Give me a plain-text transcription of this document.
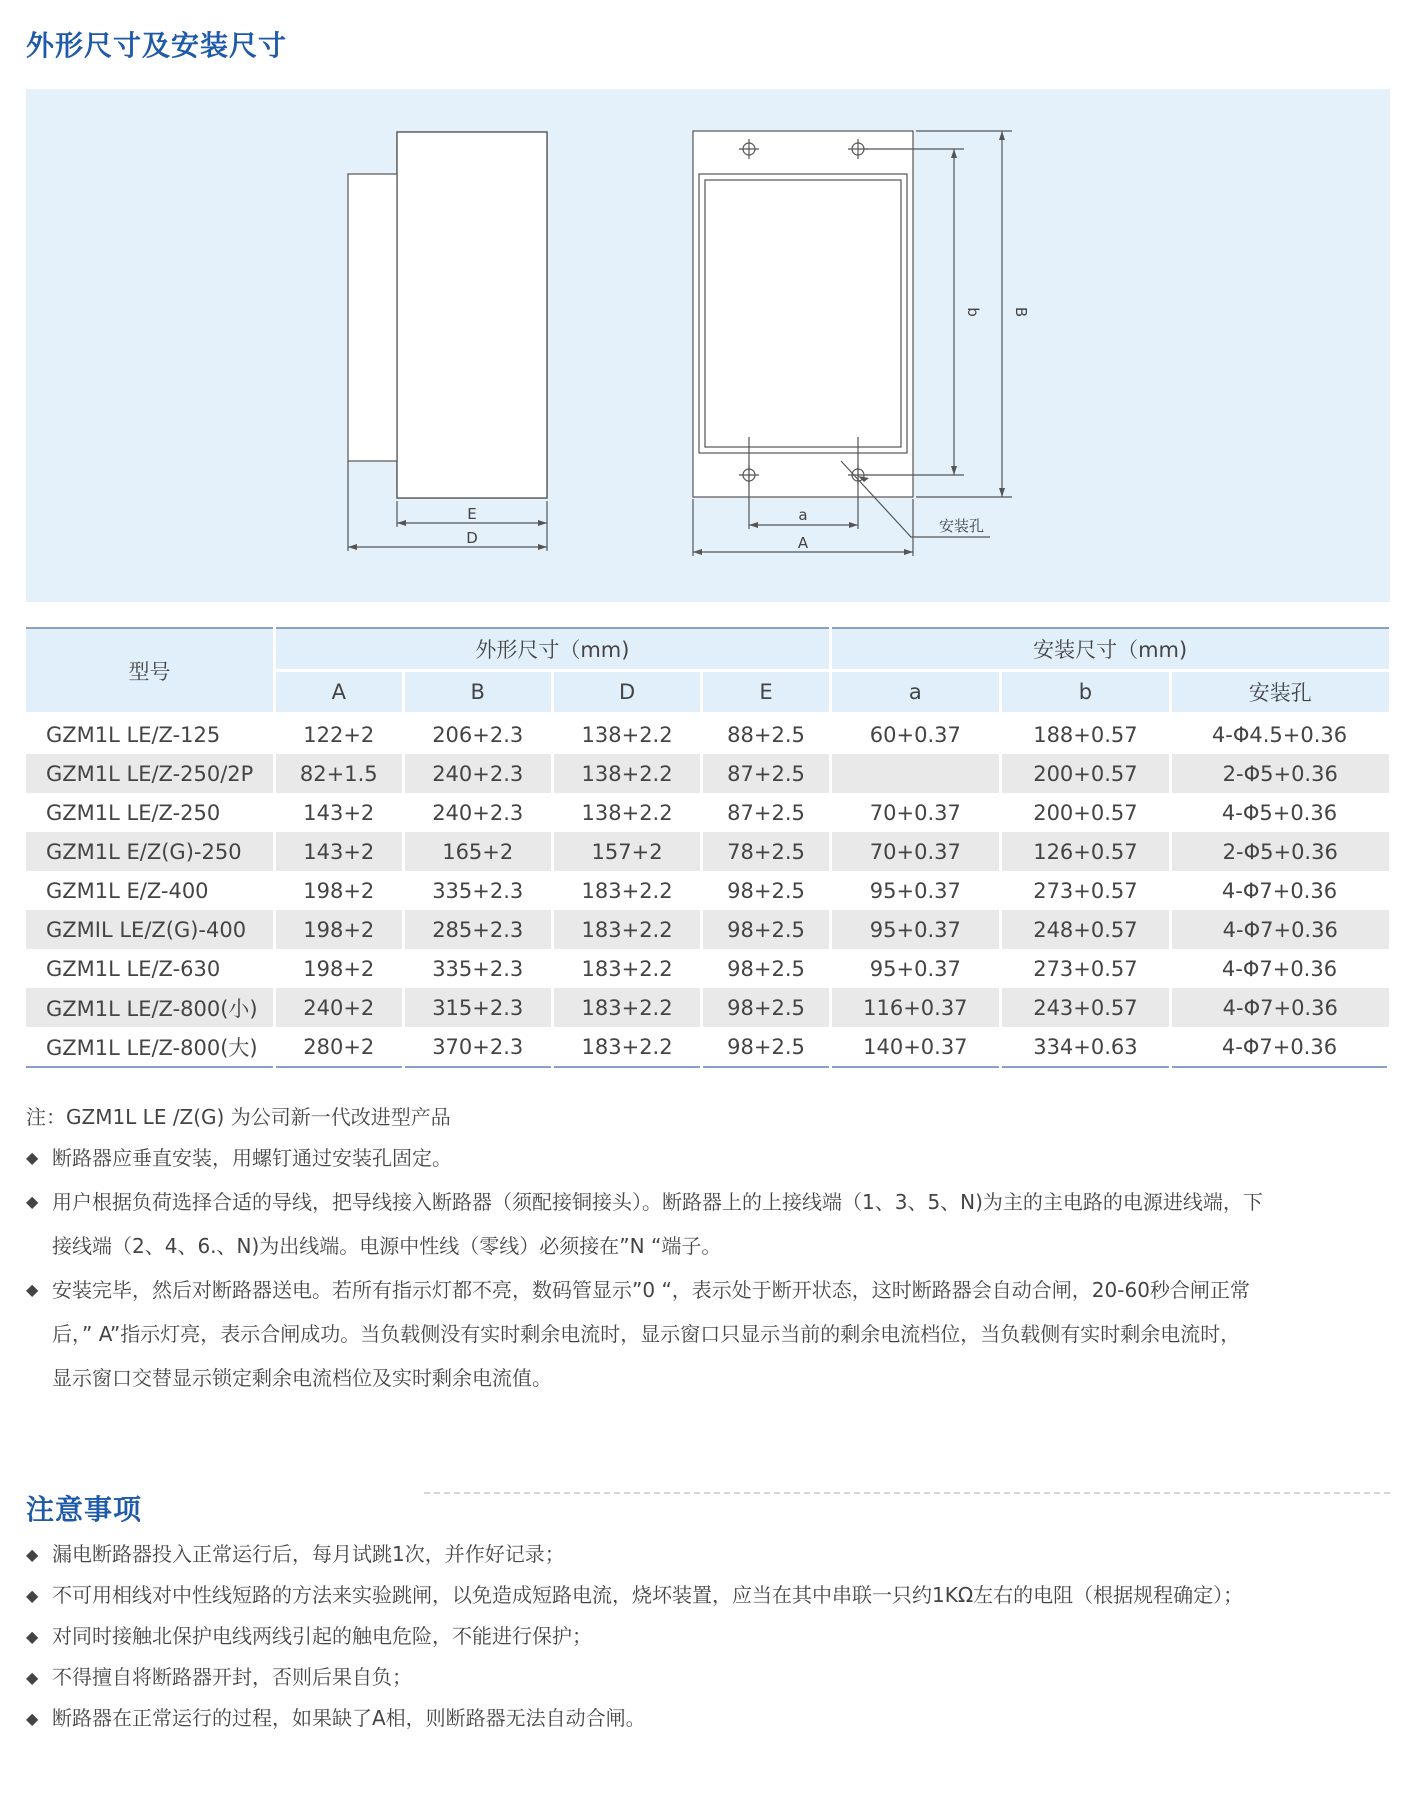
外形尺寸及安装尺寸
E
D
a
A
b B
安装孔
型号	外形尺寸（mm)				安装尺寸（mm)		
	A	B	D	E	a	b	安装孔
GZM1L LE/Z-125	122+2	206+2.3	138+2.2	88+2.5	60+0.37	188+0.57	4-Φ4.5+0.36
GZM1L LE/Z-250/2P	82+1.5	240+2.3	138+2.2	87+2.5		200+0.57	2-Φ5+0.36
GZM1L LE/Z-250	143+2	240+2.3	138+2.2	87+2.5	70+0.37	200+0.57	4-Φ5+0.36
GZM1L E/Z(G)-250	143+2	165+2	157+2	78+2.5	70+0.37	126+0.57	2-Φ5+0.36
GZM1L E/Z-400	198+2	335+2.3	183+2.2	98+2.5	95+0.37	273+0.57	4-Φ7+0.36
GZMIL LE/Z(G)-400	198+2	285+2.3	183+2.2	98+2.5	95+0.37	248+0.57	4-Φ7+0.36
GZM1L LE/Z-630	198+2	335+2.3	183+2.2	98+2.5	95+0.37	273+0.57	4-Φ7+0.36
GZM1L LE/Z-800(小)	240+2	315+2.3	183+2.2	98+2.5	116+0.37	243+0.57	4-Φ7+0.36
GZM1L LE/Z-800(大)	280+2	370+2.3	183+2.2	98+2.5	140+0.37	334+0.63	4-Φ7+0.36
注：GZM1L LE /Z(G) 为公司新一代改进型产品
◆ 断路器应垂直安装，用螺钉通过安装孔固定。
◆ 用户根据负荷选择合适的导线，把导线接入断路器（须配接铜接头）。断路器上的上接线端（1、3、5、N)为主的主电路的电源进线端，下
接线端（2、4、6.、N)为出线端。电源中性线（零线）必须接在”N “端子。
◆ 安装完毕，然后对断路器送电。若所有指示灯都不亮，数码管显示”0 “，表示处于断开状态，这时断路器会自动合闸，20-60秒合闸正常
后，” A”指示灯亮，表示合闸成功。当负载侧没有实时剩余电流时，显示窗口只显示当前的剩余电流档位，当负载侧有实时剩余电流时，
显示窗口交替显示锁定剩余电流档位及实时剩余电流值。
注意事项
◆ 漏电断路器投入正常运行后，每月试跳1次，并作好记录；
◆ 不可用相线对中性线短路的方法来实验跳闸，以免造成短路电流，烧坏装置，应当在其中串联一只约1KΩ左右的电阻（根据规程确定）；
◆ 对同时接触北保护电线两线引起的触电危险，不能进行保护；
◆ 不得擅自将断路器开封，否则后果自负；
◆ 断路器在正常运行的过程，如果缺了A相，则断路器无法自动合闸。
